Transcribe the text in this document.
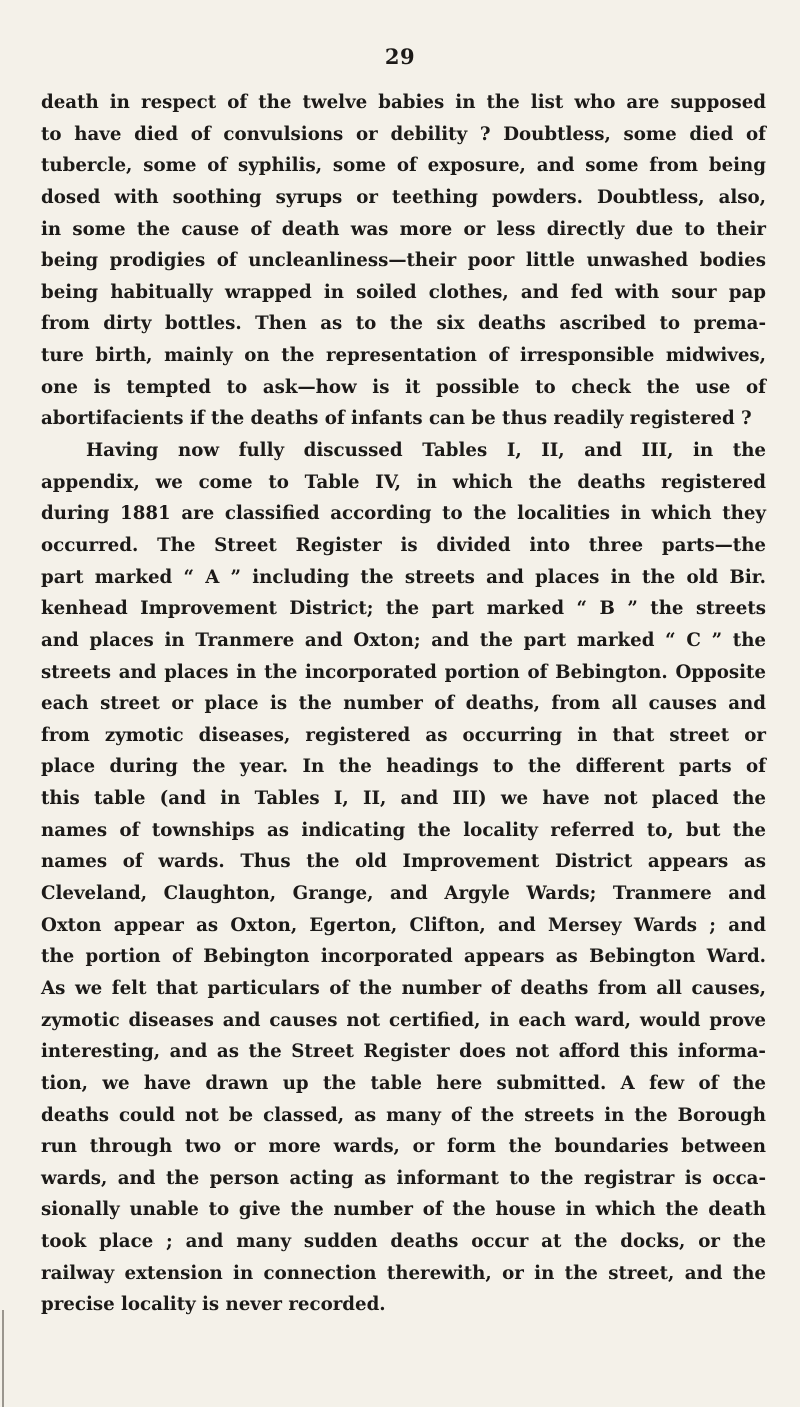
29
death in respect of the twelve babies in the list who are supposed
to have died of convulsions or debility ? Doubtless, some died of
tubercle, some of syphilis, some of exposure, and some from being
dosed with soothing syrups or teething powders. Doubtless, also,
in some the cause of death was more or less directly due to their
being prodigies of uncleanliness—their poor little unwashed bodies
being habitually wrapped in soiled clothes, and fed with sour pap
from dirty bottles. Then as to the six deaths ascribed to prema-
ture birth, mainly on the representation of irresponsible midwives,
one is tempted to ask—how is it possible to check the use of
abortifacients if the deaths of infants can be thus readily registered ?
Having now fully discussed Tables I, II, and III, in the
appendix, we come to Table IV, in which the deaths registered
during 1881 are classified according to the localities in which they
occurred. The Street Register is divided into three parts—the
part marked “ A ” including the streets and places in the old Bir.
kenhead Improvement District; the part marked “ B ” the streets
and places in Tranmere and Oxton; and the part marked “ C ” the
streets and places in the incorporated portion of Bebington. Opposite
each street or place is the number of deaths, from all causes and
from zymotic diseases, registered as occurring in that street or
place during the year. In the headings to the different parts of
this table (and in Tables I, II, and III) we have not placed the
names of townships as indicating the locality referred to, but the
names of wards. Thus the old Improvement District appears as
Cleveland, Claughton, Grange, and Argyle Wards; Tranmere and
Oxton appear as Oxton, Egerton, Clifton, and Mersey Wards ; and
the portion of Bebington incorporated appears as Bebington Ward.
As we felt that particulars of the number of deaths from all causes,
zymotic diseases and causes not certified, in each ward, would prove
interesting, and as the Street Register does not afford this informa-
tion, we have drawn up the table here submitted. A few of the
deaths could not be classed, as many of the streets in the Borough
run through two or more wards, or form the boundaries between
wards, and the person acting as informant to the registrar is occa-
sionally unable to give the number of the house in which the death
took place ; and many sudden deaths occur at the docks, or the
railway extension in connection therewith, or in the street, and the
precise locality is never recorded.
